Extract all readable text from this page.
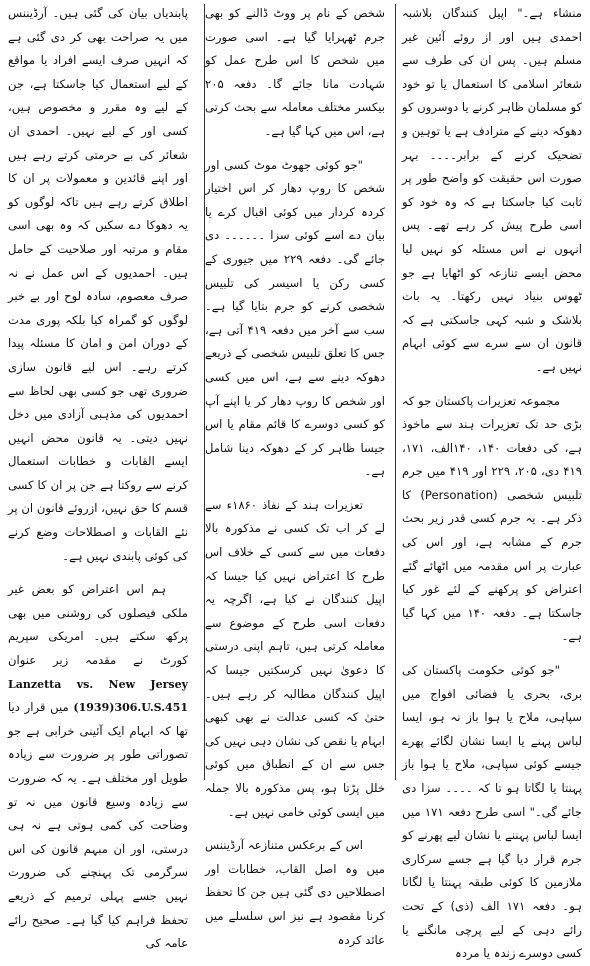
منشاء ہے۔" اپیل کنندگان بلاشبہ احمدی ہیں اور از روئے آئین غیر مسلم ہیں۔ پس ان کی طرف سے شعائر اسلامی کا استعمال یا تو خود کو مسلمان ظاہر کرنے یا دوسروں کو دھوکہ دینے کے مترادف ہے یا توہین و تضحیک کرنے کے برابر۔۔۔۔ بہر صورت اس حقیقت کو واضح طور پر ثابت کیا جاسکتا ہے کہ وہ خود کو اسی طرح پیش کر رہے تھے۔ پس انہوں نے اس مسئلہ کو نہیں لیا محض ایسے تنازعہ کو اٹھایا ہے جو ٹھوس بنیاد نہیں رکھتا۔ یہ بات بلاشک و شبہ کہی جاسکتی ہے کہ قانون ان سے سرے سے کوئی ابہام نہیں ہے۔

مجموعہ تعزیرات پاکستان جو کہ بڑی حد تک تعزیرات ہند سے ماخوذ ہے، کی دفعات ۱۴۰، ۱۴۰الف، ۱۷۱، ۴۱۹ دی، ۲۰۵، ۲۲۹ اور ۴۱۹ میں جرم تلبیس شخصی (Personation) کا ذکر ہے۔ یہ جرم کسی قدر زیر بحث جرم کے مشابہ ہے، اور اس کی عبارت پر اس مقدمہ میں اٹھائے گئے اعتراض کو پرکھنے کے لئے غور کیا جاسکتا ہے۔ دفعہ ۱۴۰ میں کہا گیا ہے۔

"جو کوئی حکومت پاکستان کی بری، بحری یا فضائی افواج میں سپاہی، ملاح یا ہوا باز نہ ہو، ایسا لباس پہنے یا ایسا نشان لگائے پھرے جیسے کوئی سپاہی، ملاح یا ہوا باز پہنتا یا لگاتا ہو تا کہ ۔۔۔۔ سزا دی جائے گی۔" اسی طرح دفعہ ۱۷۱ میں ایسا لباس پہننے یا نشان لیے پھرنے کو جرم قرار دیا گیا ہے جسے سرکاری ملازمین کا کوئی طبقہ پہنتا یا لگاتا ہو۔ دفعہ ۱۷۱ الف (ذی) کے تحت رائے دہی کے لیے پرچی مانگنے یا کسی دوسرے زندہ یا مردہ

شخص کے نام پر ووٹ ڈالنے کو بھی جرم ٹھہرایا گیا ہے۔ اسی صورت میں شخص کا اس طرح عمل کو شہادت مانا جائے گا۔ دفعہ ۲۰۵ بیکسر مختلف معاملہ سے بحث کرتی ہے، اس میں کہا گیا ہے۔

"جو کوئی جھوٹ موٹ کسی اور شخص کا روپ دھار کر اس اختیار کردہ کردار میں کوئی اقبال کرے یا بیان دے اسے کوئی سزا ۔۔۔۔۔۔ دی جائے گی۔ دفعہ ۲۲۹ میں جیوری کے کسی رکن یا اسیسر کی تلبیس شخصی کرنے کو جرم بتایا گیا ہے۔ سب سے آخر میں دفعہ ۴۱۹ آتی ہے، جس کا تعلق تلبیس شخصی کے ذریعے دھوکہ دینے سے ہے، اس میں کسی اور شخص کا روپ دھار کر یا اپنے آپ کو کسی دوسرے کا قائم مقام یا اس جیسا ظاہر کر کے دھوکہ دینا شامل ہے۔

تعزیرات ہند کے نفاذ ۱۸۶۰ء سے لے کر اب تک کسی نے مذکورہ بالا دفعات میں سے کسی کے خلاف اس طرح کا اعتراض نہیں کیا جیسا کہ اپیل کنندگان نے کیا ہے، اگرچہ یہ دفعات اسی طرح کے موضوع سے معاملہ کرتی ہیں، تاہم اپنی درستی کا دعویٰ نہیں کرسکتیں جیسا کہ اپیل کنندگان مطالبہ کر رہے ہیں۔ حتیٰ کہ کسی عدالت نے بھی کبھی ابہام یا نقص کی نشان دہی نہیں کی جس سے ان کے انطباق میں کوئی خلل پڑتا ہو، پس مذکورہ بالا جملہ میں ایسی کوئی خامی نہیں ہے۔

اس کے برعکس متنازعہ آرڈیننس میں وہ اصل القاب، خطابات اور اصطلاحیں دی گئی ہیں جن کا تحفظ کرنا مقصود ہے نیز اس سلسلے میں عائد کردہ

پابندیاں بیان کی گئی ہیں۔ آرڈیننس میں یہ صراحت بھی کر دی گئی ہے کہ انہیں صرف ایسے افراد یا مواقع کے لیے استعمال کیا جاسکتا ہے، جن کے لیے وہ مقرر و مخصوص ہیں، کسی اور کے لیے نہیں۔ احمدی ان شعائر کی بے حرمتی کرتے رہے ہیں اور اپنے قائدین و معمولات پر ان کا اطلاق کرتے رہے ہیں تاکہ لوگوں کو یہ دھوکا دے سکیں کہ وہ بھی اسی مقام و مرتبہ اور صلاحیت کے حامل ہیں۔ احمدیوں کے اس عمل نے نہ صرف معصوم، سادہ لوح اور بے خبر لوگوں کو گمراہ کیا بلکہ پوری مدت کے دوران امن و امان کا مسئلہ پیدا کرتے رہے۔ اس لیے قانون سازی ضروری تھی جو کسی بھی لحاظ سے احمدیوں کی مذہبی آزادی میں دخل نہیں دیتی۔ یہ قانون محض انہیں ایسے القابات و خطابات استعمال کرنے سے روکتا ہے جن پر ان کا کسی قسم کا حق نہیں، ازروئے قانون ان پر نئے القابات و اصطلاحات وضع کرنے کی کوئی پابندی نہیں ہے۔

ہم اس اعتراض کو بعض غیر ملکی فیصلوں کی روشنی میں بھی پرکھ سکتے ہیں۔ امریکی سپریم کورٹ نے مقدمہ زیر عنوان Lanzetta vs. New Jersey (1939)306.U.S.451 میں قرار دیا تھا کہ ابہام ایک آئینی خرابی ہے جو تصوراتی طور پر ضرورت سے زیادہ طویل اور مختلف ہے۔ یہ کہ ضرورت سے زیادہ وسیع قانون میں نہ تو وضاحت کی کمی ہوتی ہے نہ ہی درستی، اور ان مبہم قانون کی اس سرگرمی تک پہنچنے کی ضرورت نہیں جسے پہلی ترمیم کے ذریعے تحفظ فراہم کیا گیا ہے۔ صحیح رائے عامہ کی
